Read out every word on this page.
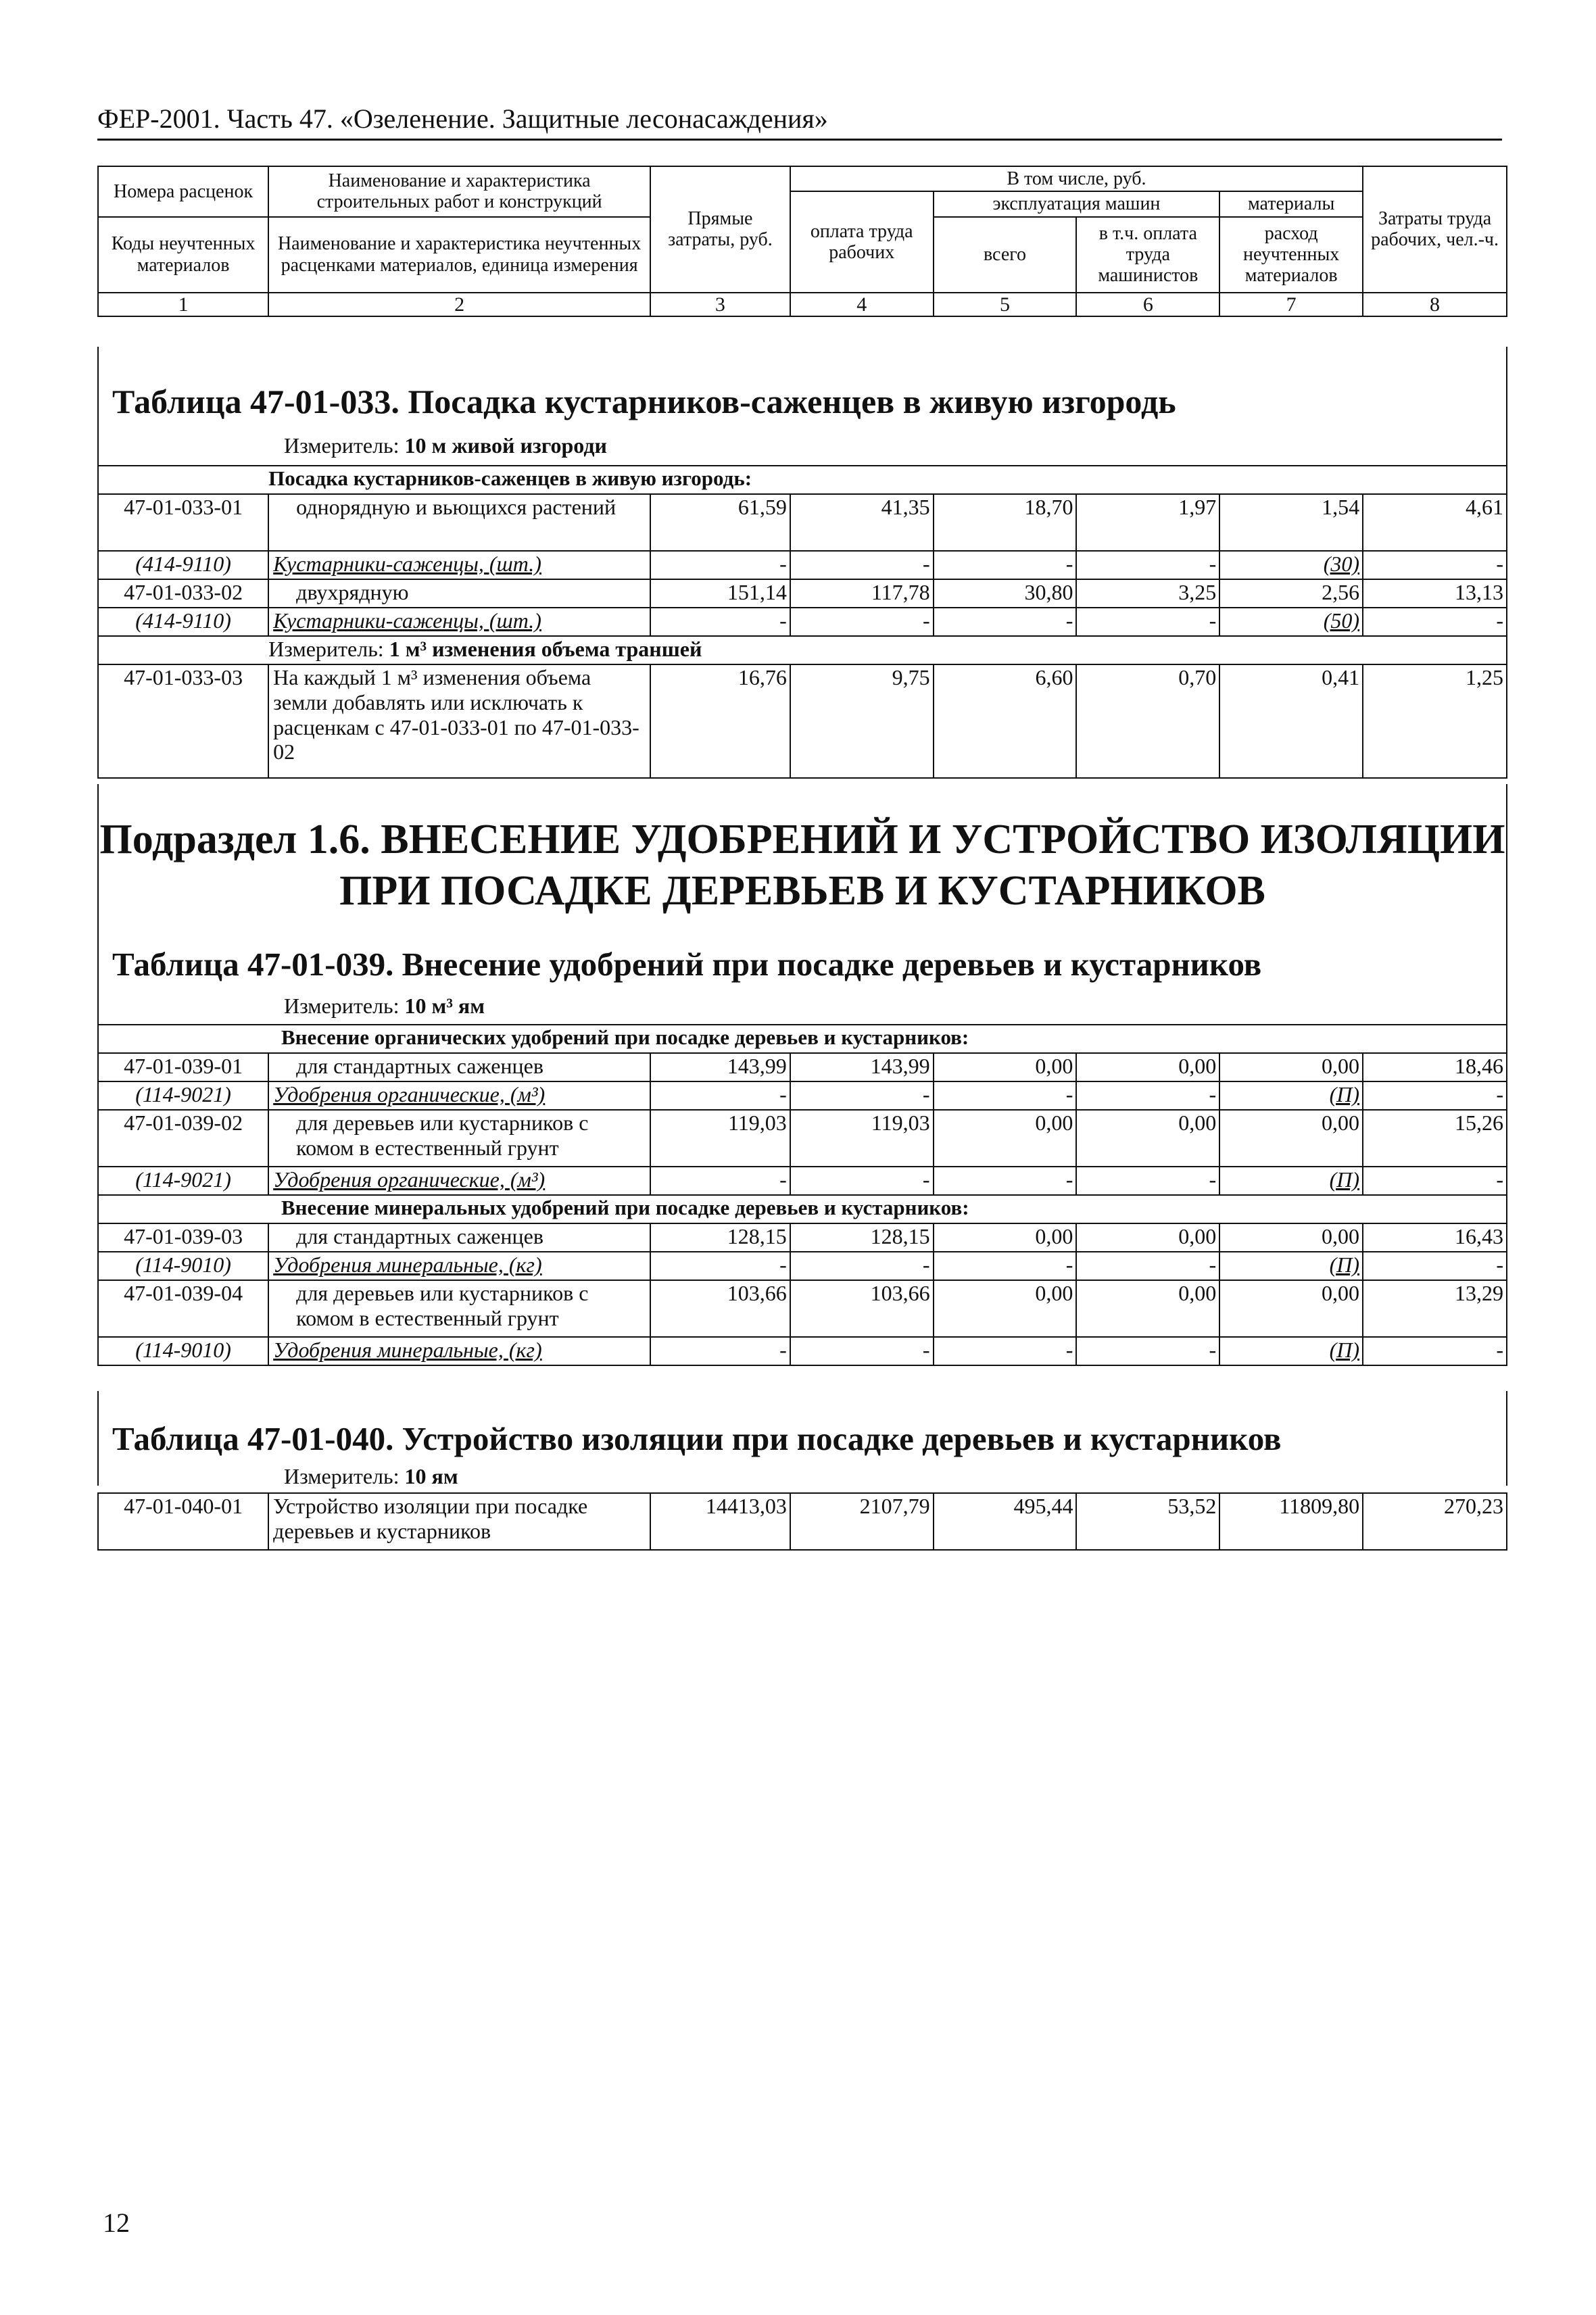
ФЕР-2001. Часть 47. «Озеленение. Защитные лесонасаждения»
Номера расценок	Наименование и характеристика строительных работ и конструкций	Прямые затраты, руб.	В том числе, руб.				Затраты труда рабочих, чел.-ч.
			оплата труда рабочих	эксплуатация машин		материалы	
Коды неучтенных материалов	Наименование и характеристика неучтенных расценками материалов, единица измерения			всего	в т.ч. оплата труда машинистов	расход неучтенных материалов	

1	2	3	4	5	6	7	8
Таблица 47-01-033. Посадка кустарников-саженцев в живую изгородь
Измеритель: 10 м живой изгороди
	Посадка кустарников-саженцев в живую изгородь:						
47-01-033-01	однорядную и вьющихся растений	61,59	41,35	18,70	1,97	1,54	4,61
(414-9110)	Кустарники-саженцы, (шт.)	-	-	-	-	(30)	-
47-01-033-02	двухрядную	151,14	117,78	30,80	3,25	2,56	13,13
(414-9110)	Кустарники-саженцы, (шт.)	-	-	-	-	(50)	-
	Измеритель: 1 м³ изменения объема траншей						
47-01-033-03	На каждый 1 м³ изменения объема земли добавлять или исключать к расценкам с 47-01-033-01 по 47-01-033-02	16,76	9,75	6,60	0,70	0,41	1,25
Подраздел 1.6. ВНЕСЕНИЕ УДОБРЕНИЙ И УСТРОЙСТВО ИЗОЛЯЦИИ
ПРИ ПОСАДКЕ ДЕРЕВЬЕВ И КУСТАРНИКОВ
Таблица 47-01-039. Внесение удобрений при посадке деревьев и кустарников
Измеритель: 10 м³ ям
Внесение органических удобрений при посадке деревьев и кустарников:							
47-01-039-01	для стандартных саженцев	143,99	143,99	0,00	0,00	0,00	18,46
(114-9021)	Удобрения органические, (м³)	-	-	-	-	(П)	-
47-01-039-02	для деревьев или кустарников с комом в естественный грунт	119,03	119,03	0,00	0,00	0,00	15,26
(114-9021)	Удобрения органические, (м³)	-	-	-	-	(П)	-
Внесение минеральных удобрений при посадке деревьев и кустарников:							
47-01-039-03	для стандартных саженцев	128,15	128,15	0,00	0,00	0,00	16,43
(114-9010)	Удобрения минеральные, (кг)	-	-	-	-	(П)	-
47-01-039-04	для деревьев или кустарников с комом в естественный грунт	103,66	103,66	0,00	0,00	0,00	13,29
(114-9010)	Удобрения минеральные, (кг)	-	-	-	-	(П)	-
Таблица 47-01-040. Устройство изоляции при посадке деревьев и кустарников
Измеритель: 10 ям
47-01-040-01	Устройство изоляции при посадке деревьев и кустарников	14413,03	2107,79	495,44	53,52	11809,80	270,23
12
